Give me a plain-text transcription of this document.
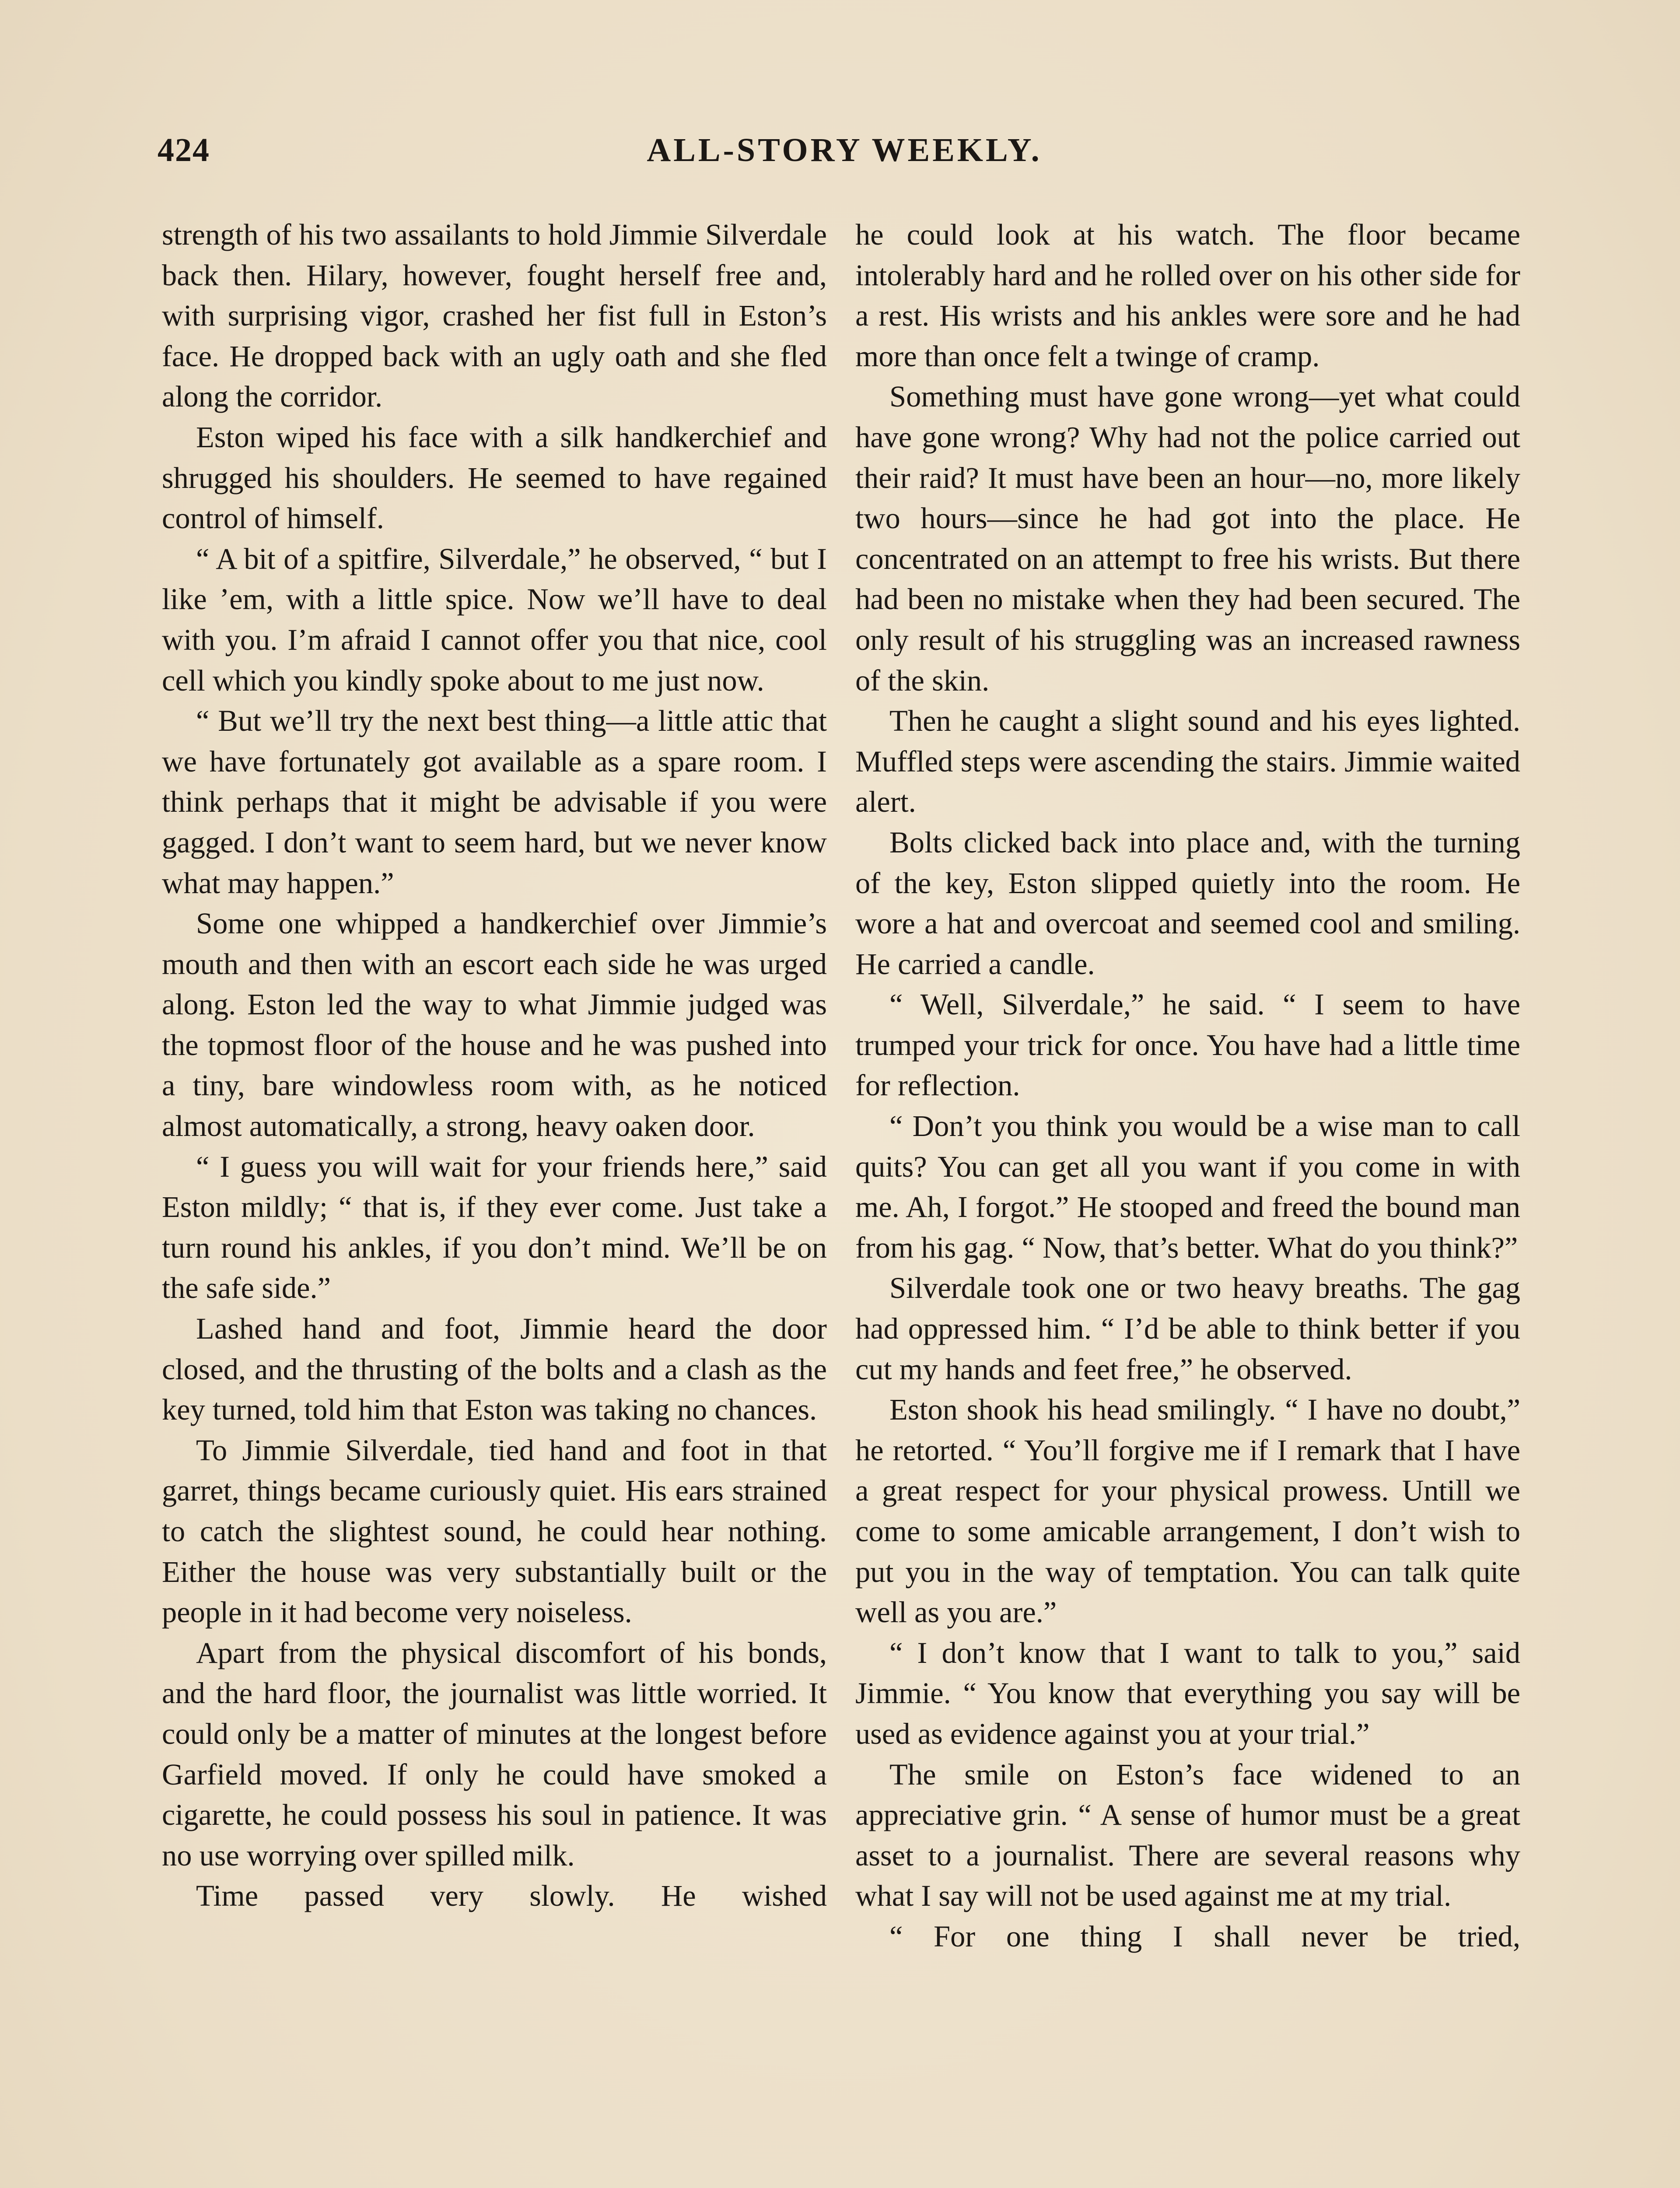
424	ALL-STORY WEEKLY.

strength of his two assailants to hold Jimmie Silverdale back then. Hilary, however, fought herself free and, with surprising vigor, crashed her fist full in Eston’s face. He dropped back with an ugly oath and she fled along the corridor.

Eston wiped his face with a silk handkerchief and shrugged his shoulders. He seemed to have regained control of himself.

“ A bit of a spitfire, Silverdale,” he observed, “ but I like ’em, with a little spice. Now we’ll have to deal with you. I’m afraid I cannot offer you that nice, cool cell which you kindly spoke about to me just now.

“ But we’ll try the next best thing—a little attic that we have fortunately got available as a spare room. I think perhaps that it might be advisable if you were gagged. I don’t want to seem hard, but we never know what may happen.”

Some one whipped a handkerchief over Jimmie’s mouth and then with an escort each side he was urged along. Eston led the way to what Jimmie judged was the topmost floor of the house and he was pushed into a tiny, bare windowless room with, as he noticed almost automatically, a strong, heavy oaken door.

“ I guess you will wait for your friends here,” said Eston mildly; “ that is, if they ever come. Just take a turn round his ankles, if you don’t mind. We’ll be on the safe side.”

Lashed hand and foot, Jimmie heard the door closed, and the thrusting of the bolts and a clash as the key turned, told him that Eston was taking no chances.

To Jimmie Silverdale, tied hand and foot in that garret, things became curiously quiet. His ears strained to catch the slightest sound, he could hear nothing. Either the house was very substantially built or the people in it had become very noiseless.

Apart from the physical discomfort of his bonds, and the hard floor, the journalist was little worried. It could only be a matter of minutes at the longest before Garfield moved. If only he could have smoked a cigarette, he could possess his soul in patience. It was no use worrying over spilled milk.

Time passed very slowly. He wished

he could look at his watch. The floor became intolerably hard and he rolled over on his other side for a rest. His wrists and his ankles were sore and he had more than once felt a twinge of cramp.

Something must have gone wrong—yet what could have gone wrong? Why had not the police carried out their raid? It must have been an hour—no, more likely two hours—since he had got into the place. He concentrated on an attempt to free his wrists. But there had been no mistake when they had been secured. The only result of his struggling was an increased rawness of the skin.

Then he caught a slight sound and his eyes lighted. Muffled steps were ascending the stairs. Jimmie waited alert.

Bolts clicked back into place and, with the turning of the key, Eston slipped quietly into the room. He wore a hat and overcoat and seemed cool and smiling. He carried a candle.

“ Well, Silverdale,” he said. “ I seem to have trumped your trick for once. You have had a little time for reflection.

“ Don’t you think you would be a wise man to call quits? You can get all you want if you come in with me. Ah, I forgot.” He stooped and freed the bound man from his gag. “ Now, that’s better. What do you think?”

Silverdale took one or two heavy breaths. The gag had oppressed him. “ I’d be able to think better if you cut my hands and feet free,” he observed.

Eston shook his head smilingly. “ I have no doubt,” he retorted. “ You’ll forgive me if I remark that I have a great respect for your physical prowess. Untill we come to some amicable arrangement, I don’t wish to put you in the way of temptation. You can talk quite well as you are.”

“ I don’t know that I want to talk to you,” said Jimmie. “ You know that everything you say will be used as evidence against you at your trial.”

The smile on Eston’s face widened to an appreciative grin. “ A sense of humor must be a great asset to a journalist. There are several reasons why what I say will not be used against me at my trial.

“ For one thing I shall never be tried,
